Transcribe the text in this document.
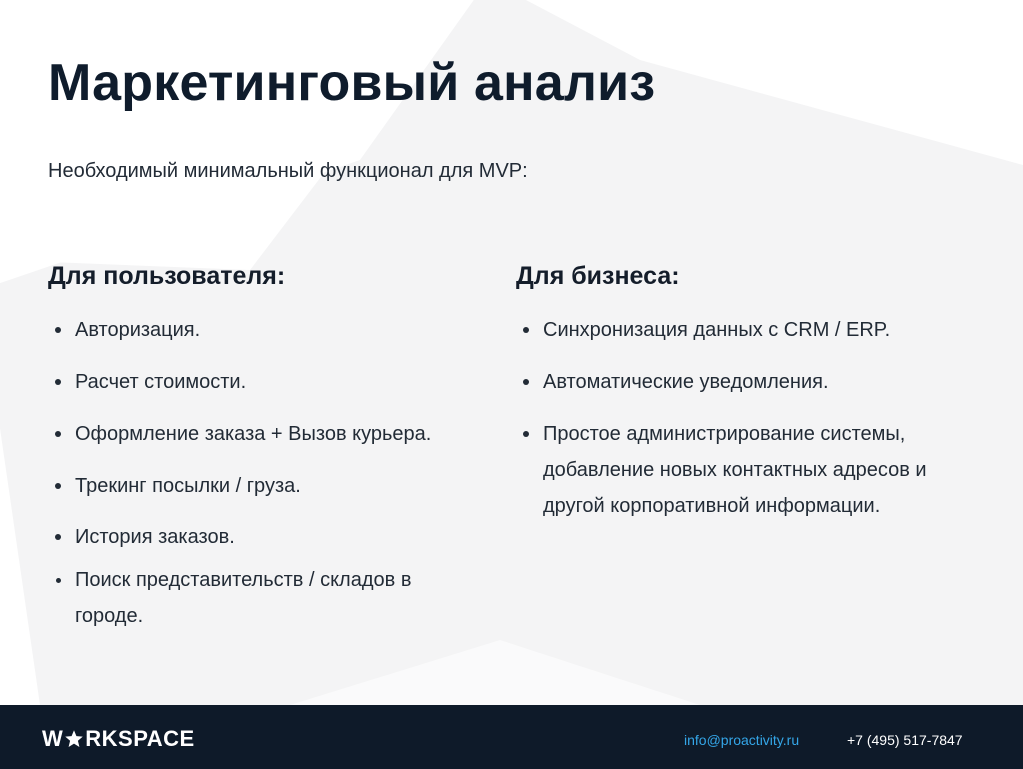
Маркетинговый анализ
Необходимый минимальный функционал для MVP:
Для пользователя:	Для бизнеса:
Авторизация.
Расчет стоимости.
Оформление заказа + Вызов курьера.
Трекинг посылки / груза.
История заказов.
Поиск представительств / складов в городе.
Синхронизация данных с CRM / ERP.
Автоматические уведомления.
Простое администрирование системы, добавление новых контактных адресов и другой корпоративной информации.
W RKSPACE	info@proactivity.ru	+7 (495) 517-7847
